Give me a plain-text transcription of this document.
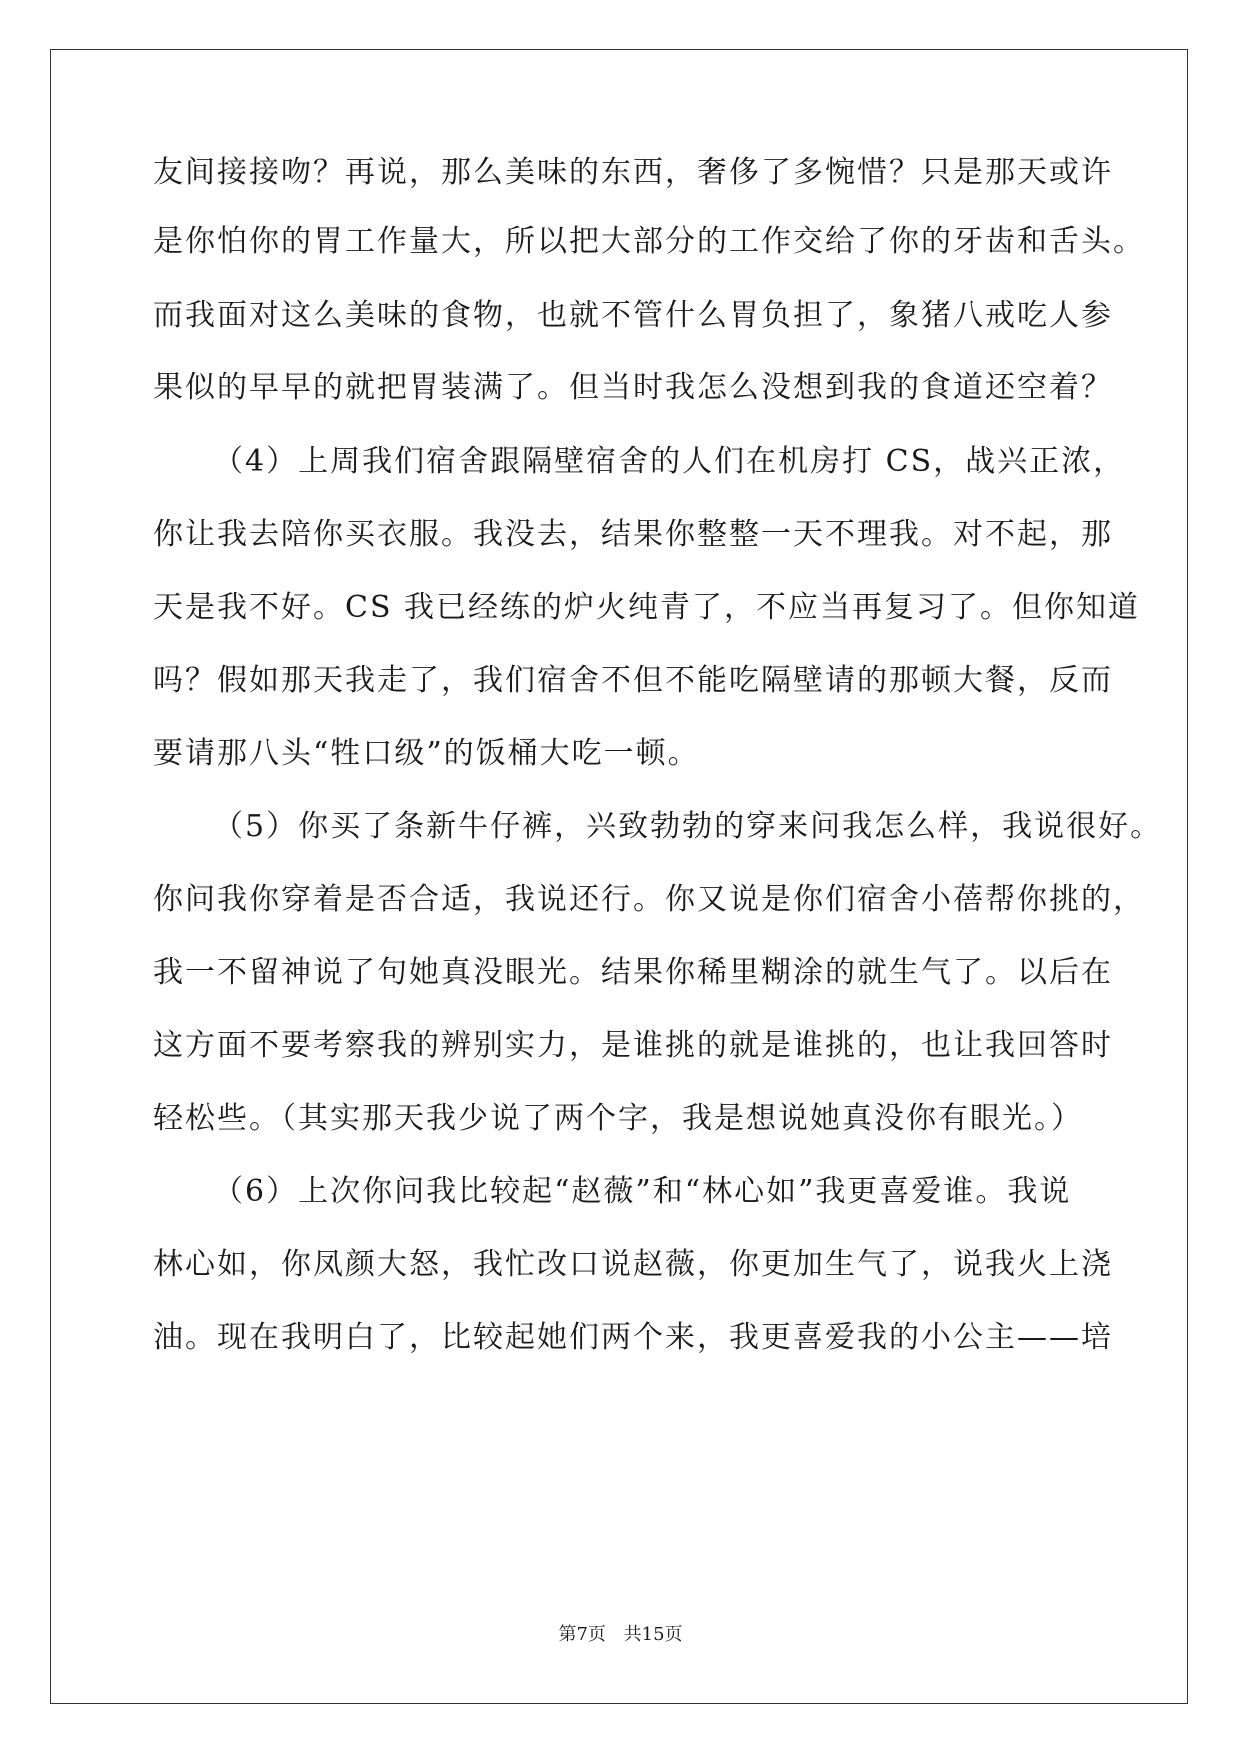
友间接接吻？再说，那么美味的东西，奢侈了多惋惜？只是那天或许
是你怕你的胃工作量大，所以把大部分的工作交给了你的牙齿和舌头。
而我面对这么美味的食物，也就不管什么胃负担了，象猪八戒吃人参
果似的早早的就把胃装满了。但当时我怎么没想到我的食道还空着？
（4）上周我们宿舍跟隔壁宿舍的人们在机房打 CS，战兴正浓，
你让我去陪你买衣服。我没去，结果你整整一天不理我。对不起，那
天是我不好。CS 我已经练的炉火纯青了，不应当再复习了。但你知道
吗？假如那天我走了，我们宿舍不但不能吃隔壁请的那顿大餐，反而
要请那八头“牲口级”的饭桶大吃一顿。
（5）你买了条新牛仔裤，兴致勃勃的穿来问我怎么样，我说很好。
你问我你穿着是否合适，我说还行。你又说是你们宿舍小蓓帮你挑的，
我一不留神说了句她真没眼光。结果你稀里糊涂的就生气了。以后在
这方面不要考察我的辨别实力，是谁挑的就是谁挑的，也让我回答时
轻松些。（其实那天我少说了两个字，我是想说她真没你有眼光。）
（6）上次你问我比较起“赵薇”和“林心如”我更喜爱谁。我说
林心如，你凤颜大怒，我忙改口说赵薇，你更加生气了，说我火上浇
油。现在我明白了，比较起她们两个来，我更喜爱我的小公主——培
第7页 共15页
